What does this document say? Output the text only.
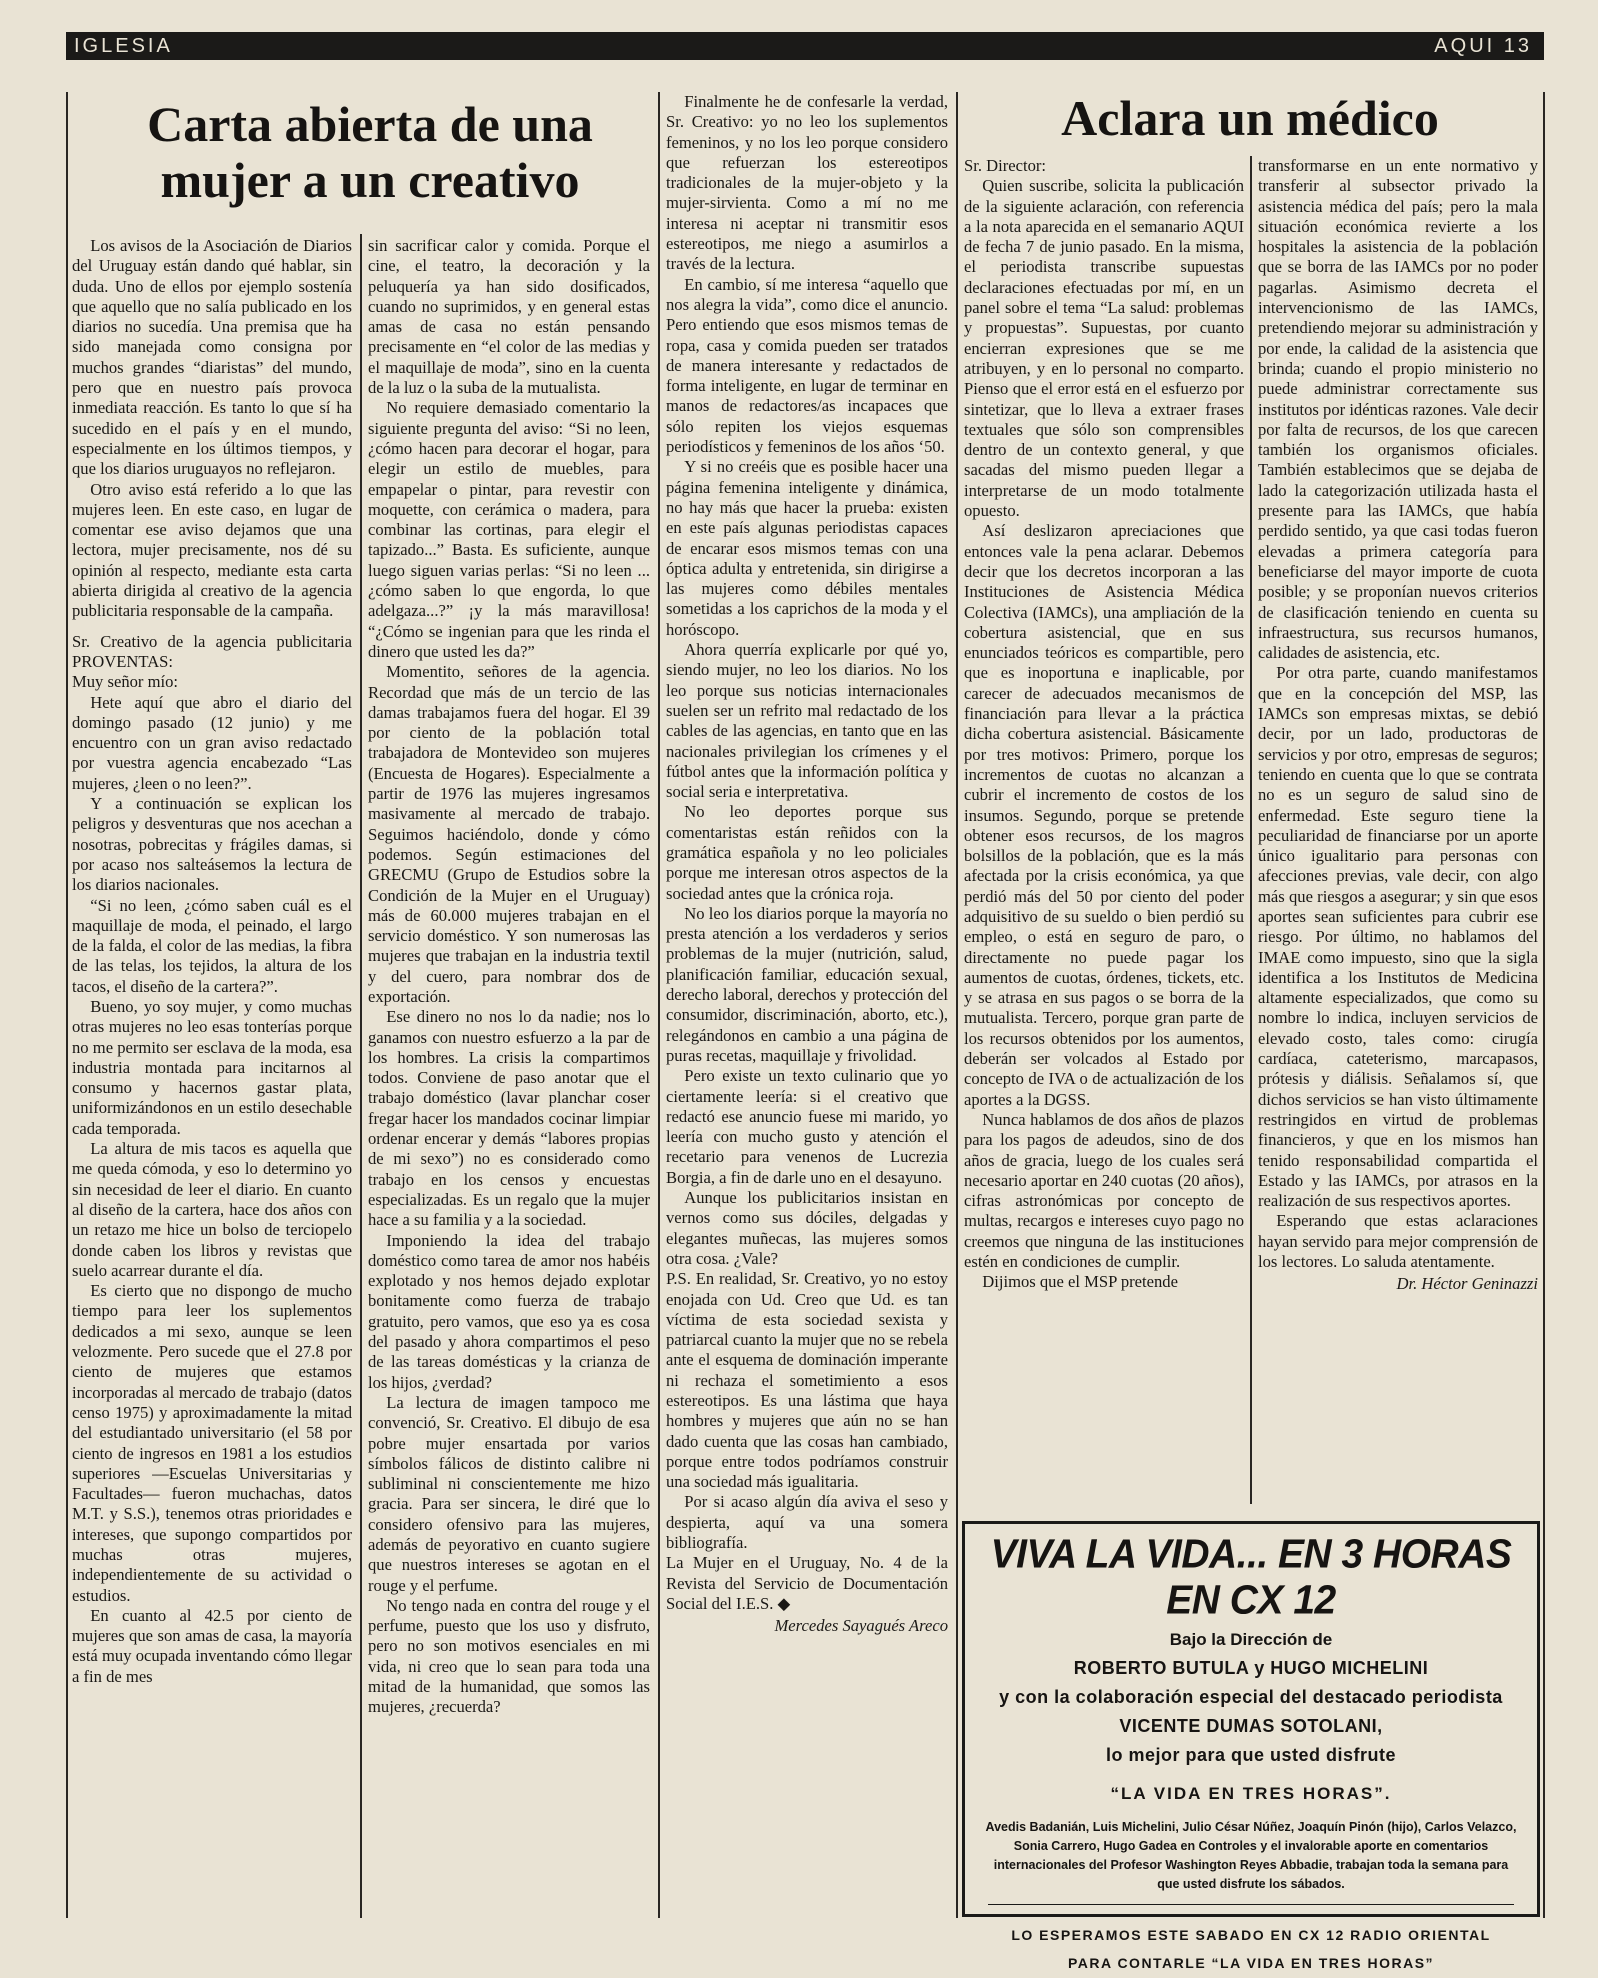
IGLESIA	AQUI 13
Carta abierta de una mujer a un creativo

Los avisos de la Asociación de Diarios del Uruguay están dando qué hablar, sin duda. Uno de ellos por ejemplo sostenía que aquello que no salía publicado en los diarios no sucedía. Una premisa que ha sido manejada como consigna por muchos grandes “diaristas” del mundo, pero que en nuestro país provoca inmediata reacción. Es tanto lo que sí ha sucedido en el país y en el mundo, especialmente en los últimos tiempos, y que los diarios uruguayos no reflejaron.

Otro aviso está referido a lo que las mujeres leen. En este caso, en lugar de comentar ese aviso dejamos que una lectora, mujer precisamente, nos dé su opinión al respecto, mediante esta carta abierta dirigida al creativo de la agencia publicitaria responsable de la campaña.

Sr. Creativo de la agencia publicitaria PROVENTAS:

Muy señor mío:

Hete aquí que abro el diario del domingo pasado (12 junio) y me encuentro con un gran aviso redactado por vuestra agencia encabezado “Las mujeres, ¿leen o no leen?”.

Y a continuación se explican los peligros y desventuras que nos acechan a nosotras, pobrecitas y frágiles damas, si por acaso nos salteásemos la lectura de los diarios nacionales.

“Si no leen, ¿cómo saben cuál es el maquillaje de moda, el peinado, el largo de la falda, el color de las medias, la fibra de las telas, los tejidos, la altura de los tacos, el diseño de la cartera?”.

Bueno, yo soy mujer, y como muchas otras mujeres no leo esas tonterías porque no me permito ser esclava de la moda, esa industria montada para incitarnos al consumo y hacernos gastar plata, uniformizándonos en un estilo desechable cada temporada.

La altura de mis tacos es aquella que me queda cómoda, y eso lo determino yo sin necesidad de leer el diario. En cuanto al diseño de la cartera, hace dos años con un retazo me hice un bolso de terciopelo donde caben los libros y revistas que suelo acarrear durante el día.

Es cierto que no dispongo de mucho tiempo para leer los suplementos dedicados a mi sexo, aunque se leen velozmente. Pero sucede que el 27.8 por ciento de mujeres que estamos incorporadas al mercado de trabajo (datos censo 1975) y aproximadamente la mitad del estudiantado universitario (el 58 por ciento de ingresos en 1981 a los estudios superiores —Escuelas Universitarias y Facultades— fueron muchachas, datos M.T. y S.S.), tenemos otras prioridades e intereses, que supongo compartidos por muchas otras mujeres, independientemente de su actividad o estudios.

En cuanto al 42.5 por ciento de mujeres que son amas de casa, la mayoría está muy ocupada inventando cómo llegar a fin de mes

sin sacrificar calor y comida. Porque el cine, el teatro, la decoración y la peluquería ya han sido dosificados, cuando no suprimidos, y en general estas amas de casa no están pensando precisamente en “el color de las medias y el maquillaje de moda”, sino en la cuenta de la luz o la suba de la mutualista.

No requiere demasiado comentario la siguiente pregunta del aviso: “Si no leen, ¿cómo hacen para decorar el hogar, para elegir un estilo de muebles, para empapelar o pintar, para revestir con moquette, con cerámica o madera, para combinar las cortinas, para elegir el tapizado...” Basta. Es suficiente, aunque luego siguen varias perlas: “Si no leen ...¿cómo saben lo que engorda, lo que adelgaza...?” ¡y la más maravillosa! “¿Cómo se ingenian para que les rinda el dinero que usted les da?”

Momentito, señores de la agencia. Recordad que más de un tercio de las damas trabajamos fuera del hogar. El 39 por ciento de la población total trabajadora de Montevideo son mujeres (Encuesta de Hogares). Especialmente a partir de 1976 las mujeres ingresamos masivamente al mercado de trabajo. Seguimos haciéndolo, donde y cómo podemos. Según estimaciones del GRECMU (Grupo de Estudios sobre la Condición de la Mujer en el Uruguay) más de 60.000 mujeres trabajan en el servicio doméstico. Y son numerosas las mujeres que trabajan en la industria textil y del cuero, para nombrar dos de exportación.

Ese dinero no nos lo da nadie; nos lo ganamos con nuestro esfuerzo a la par de los hombres. La crisis la compartimos todos. Conviene de paso anotar que el trabajo doméstico (lavar planchar coser fregar hacer los mandados cocinar limpiar ordenar encerar y demás “labores propias de mi sexo”) no es considerado como trabajo en los censos y encuestas especializadas. Es un regalo que la mujer hace a su familia y a la sociedad.

Imponiendo la idea del trabajo doméstico como tarea de amor nos habéis explotado y nos hemos dejado explotar bonitamente como fuerza de trabajo gratuito, pero vamos, que eso ya es cosa del pasado y ahora compartimos el peso de las tareas domésticas y la crianza de los hijos, ¿verdad?

La lectura de imagen tampoco me convenció, Sr. Creativo. El dibujo de esa pobre mujer ensartada por varios símbolos fálicos de distinto calibre ni subliminal ni conscientemente me hizo gracia. Para ser sincera, le diré que lo considero ofensivo para las mujeres, además de peyorativo en cuanto sugiere que nuestros intereses se agotan en el rouge y el perfume.

No tengo nada en contra del rouge y el perfume, puesto que los uso y disfruto, pero no son motivos esenciales en mi vida, ni creo que lo sean para toda una mitad de la humanidad, que somos las mujeres, ¿recuerda?

Finalmente he de confesarle la verdad, Sr. Creativo: yo no leo los suplementos femeninos, y no los leo porque considero que refuerzan los estereotipos tradicionales de la mujer-objeto y la mujer-sirvienta. Como a mí no me interesa ni aceptar ni transmitir esos estereotipos, me niego a asumirlos a través de la lectura.

En cambio, sí me interesa “aquello que nos alegra la vida”, como dice el anuncio. Pero entiendo que esos mismos temas de ropa, casa y comida pueden ser tratados de manera interesante y redactados de forma inteligente, en lugar de terminar en manos de redactores/as incapaces que sólo repiten los viejos esquemas periodísticos y femeninos de los años ‘50.

Y si no creéis que es posible hacer una página femenina inteligente y dinámica, no hay más que hacer la prueba: existen en este país algunas periodistas capaces de encarar esos mismos temas con una óptica adulta y entretenida, sin dirigirse a las mujeres como débiles mentales sometidas a los caprichos de la moda y el horóscopo.

Ahora querría explicarle por qué yo, siendo mujer, no leo los diarios. No los leo porque sus noticias internacionales suelen ser un refrito mal redactado de los cables de las agencias, en tanto que en las nacionales privilegian los crímenes y el fútbol antes que la información política y social seria e interpretativa.

No leo deportes porque sus comentaristas están reñidos con la gramática española y no leo policiales porque me interesan otros aspectos de la sociedad antes que la crónica roja.

No leo los diarios porque la mayoría no presta atención a los verdaderos y serios problemas de la mujer (nutrición, salud, planificación familiar, educación sexual, derecho laboral, derechos y protección del consumidor, discriminación, aborto, etc.), relegándonos en cambio a una página de puras recetas, maquillaje y frivolidad.

Pero existe un texto culinario que yo ciertamente leería: si el creativo que redactó ese anuncio fuese mi marido, yo leería con mucho gusto y atención el recetario para venenos de Lucrezia Borgia, a fin de darle uno en el desayuno.

Aunque los publicitarios insistan en vernos como sus dóciles, delgadas y elegantes muñecas, las mujeres somos otra cosa. ¿Vale?

P.S. En realidad, Sr. Creativo, yo no estoy enojada con Ud. Creo que Ud. es tan víctima de esta sociedad sexista y patriarcal cuanto la mujer que no se rebela ante el esquema de dominación imperante ni rechaza el sometimiento a esos estereotipos. Es una lástima que haya hombres y mujeres que aún no se han dado cuenta que las cosas han cambiado, porque entre todos podríamos construir una sociedad más igualitaria.

Por si acaso algún día aviva el seso y despierta, aquí va una somera bibliografía.

La Mujer en el Uruguay, No. 4 de la Revista del Servicio de Documentación Social del I.E.S. ◆

Mercedes Sayagués Areco
Aclara un médico

Sr. Director:

Quien suscribe, solicita la publicación de la siguiente aclaración, con referencia a la nota aparecida en el semanario AQUI de fecha 7 de junio pasado. En la misma, el periodista transcribe supuestas declaraciones efectuadas por mí, en un panel sobre el tema “La salud: problemas y propuestas”. Supuestas, por cuanto encierran expresiones que se me atribuyen, y en lo personal no comparto. Pienso que el error está en el esfuerzo por sintetizar, que lo lleva a extraer frases textuales que sólo son comprensibles dentro de un contexto general, y que sacadas del mismo pueden llegar a interpretarse de un modo totalmente opuesto.

Así deslizaron apreciaciones que entonces vale la pena aclarar. Debemos decir que los decretos incorporan a las Instituciones de Asistencia Médica Colectiva (IAMCs), una ampliación de la cobertura asistencial, que en sus enunciados teóricos es compartible, pero que es inoportuna e inaplicable, por carecer de adecuados mecanismos de financiación para llevar a la práctica dicha cobertura asistencial. Básicamente por tres motivos: Primero, porque los incrementos de cuotas no alcanzan a cubrir el incremento de costos de los insumos. Segundo, porque se pretende obtener esos recursos, de los magros bolsillos de la población, que es la más afectada por la crisis económica, ya que perdió más del 50 por ciento del poder adquisitivo de su sueldo o bien perdió su empleo, o está en seguro de paro, o directamente no puede pagar los aumentos de cuotas, órdenes, tickets, etc. y se atrasa en sus pagos o se borra de la mutualista. Tercero, porque gran parte de los recursos obtenidos por los aumentos, deberán ser volcados al Estado por concepto de IVA o de actualización de los aportes a la DGSS.

Nunca hablamos de dos años de plazos para los pagos de adeudos, sino de dos años de gracia, luego de los cuales será necesario aportar en 240 cuotas (20 años), cifras astronómicas por concepto de multas, recargos e intereses cuyo pago no creemos que ninguna de las instituciones estén en condiciones de cumplir.

Dijimos que el MSP pretende

transformarse en un ente normativo y transferir al subsector privado la asistencia médica del país; pero la mala situación económica revierte a los hospitales la asistencia de la población que se borra de las IAMCs por no poder pagarlas. Asimismo decreta el intervencionismo de las IAMCs, pretendiendo mejorar su administración y por ende, la calidad de la asistencia que brinda; cuando el propio ministerio no puede administrar correctamente sus institutos por idénticas razones. Vale decir por falta de recursos, de los que carecen también los organismos oficiales. También establecimos que se dejaba de lado la categorización utilizada hasta el presente para las IAMCs, que había perdido sentido, ya que casi todas fueron elevadas a primera categoría para beneficiarse del mayor importe de cuota posible; y se proponían nuevos criterios de clasificación teniendo en cuenta su infraestructura, sus recursos humanos, calidades de asistencia, etc.

Por otra parte, cuando manifestamos que en la concepción del MSP, las IAMCs son empresas mixtas, se debió decir, por un lado, productoras de servicios y por otro, empresas de seguros; teniendo en cuenta que lo que se contrata no es un seguro de salud sino de enfermedad. Este seguro tiene la peculiaridad de financiarse por un aporte único igualitario para personas con afecciones previas, vale decir, con algo más que riesgos a asegurar; y sin que esos aportes sean suficientes para cubrir ese riesgo. Por último, no hablamos del IMAE como impuesto, sino que la sigla identifica a los Institutos de Medicina altamente especializados, que como su nombre lo indica, incluyen servicios de elevado costo, tales como: cirugía cardíaca, cateterismo, marcapasos, prótesis y diálisis. Señalamos sí, que dichos servicios se han visto últimamente restringidos en virtud de problemas financieros, y que en los mismos han tenido responsabilidad compartida el Estado y las IAMCs, por atrasos en la realización de sus respectivos aportes.

Esperando que estas aclaraciones hayan servido para mejor comprensión de los lectores. Lo saluda atentamente.

Dr. Héctor Geninazzi
VIVA LA VIDA... EN 3 HORAS EN CX 12
Bajo la Dirección de
ROBERTO BUTULA y HUGO MICHELINI
y con la colaboración especial del destacado periodista
VICENTE DUMAS SOTOLANI,
lo mejor para que usted disfrute
“LA VIDA EN TRES HORAS”.
Avedis Badanián, Luis Michelini, Julio César Núñez, Joaquín Pinón (hijo), Carlos Velazco, Sonia Carrero, Hugo Gadea en Controles y el invalorable aporte en comentarios internacionales del Profesor Washington Reyes Abbadie, trabajan toda la semana para que usted disfrute los sábados.
LO ESPERAMOS ESTE SABADO EN CX 12 RADIO ORIENTAL
PARA CONTARLE “LA VIDA EN TRES HORAS”
